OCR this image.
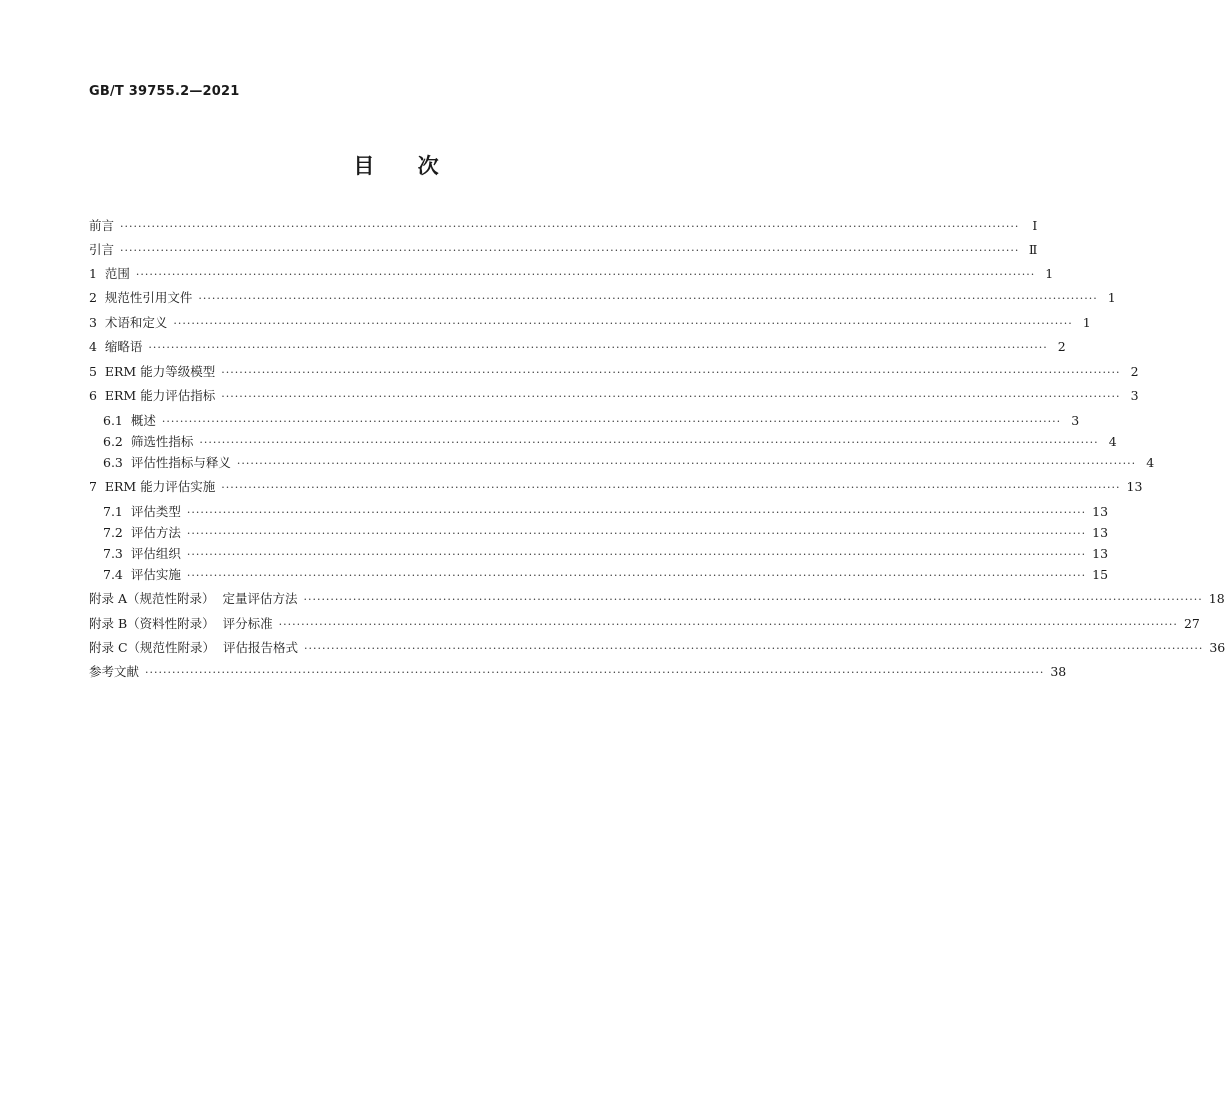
GB/T 39755.2—2021
目 次
前言 ········································································································································································································	Ⅰ
引言 ········································································································································································································ Ⅱ
1  范围 ········································································································································································································ 1
2  规范性引用文件 ········································································································································································································ 1
3  术语和定义 ········································································································································································································ 1
4  缩略语 ········································································································································································································ 2
5  ERM 能力等级模型 ········································································································································································································ 2
6  ERM 能力评估指标 ········································································································································································································ 3
6.1  概述 ········································································································································································································ 3
6.2  筛选性指标 ········································································································································································································ 4
6.3  评估性指标与释义 ········································································································································································································ 4
7  ERM 能力评估实施 ········································································································································································································ 13
7.1  评估类型 ········································································································································································································ 13
7.2  评估方法 ········································································································································································································ 13
7.3  评估组织 ········································································································································································································ 13
7.4  评估实施 ········································································································································································································ 15
附录 A（规范性附录）  定量评估方法 ········································································································································································································ 18
附录 B（资料性附录）  评分标准 ········································································································································································································ 27
附录 C（规范性附录）  评估报告格式 ········································································································································································································ 36
参考文献 ········································································································································································································ 38
